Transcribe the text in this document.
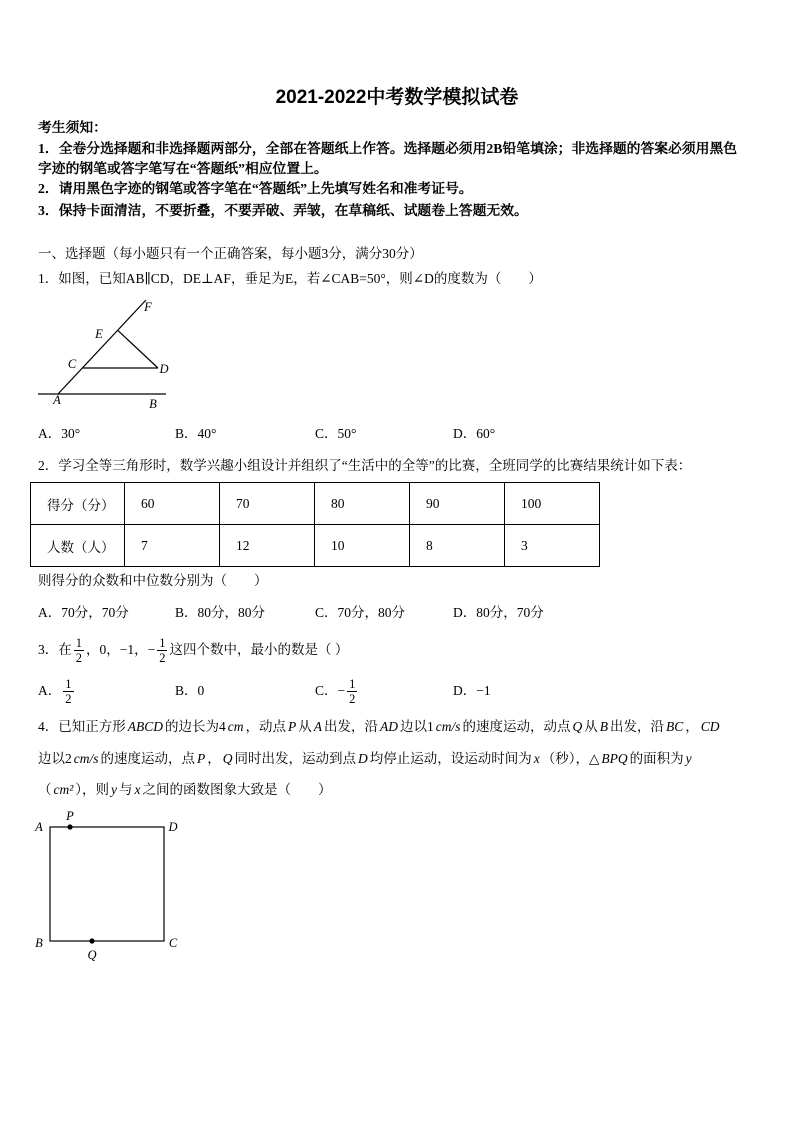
2021-2022中考数学模拟试卷
考生须知：
1．全卷分选择题和非选择题两部分，全部在答题纸上作答。选择题必须用2B铅笔填涂；非选择题的答案必须用黑色
字迹的钢笔或答字笔写在“答题纸”相应位置上。
2．请用黑色字迹的钢笔或答字笔在“答题纸”上先填写姓名和准考证号。
3．保持卡面清洁，不要折叠，不要弄破、弄皱，在草稿纸、试题卷上答题无效。
一、选择题（每小题只有一个正确答案，每小题3分，满分30分）
1．如图，已知AB∥CD，DE⊥AF，垂足为E，若∠CAB=50°，则∠D的度数为（　　）
F
E
C	D
A	B
A．30°	B．40°	C．50°	D．60°
2．学习全等三角形时，数学兴趣小组设计并组织了“生活中的全等”的比赛，全班同学的比赛结果统计如下表：
得分（分）	60	70	80	90	100
人数（人）	7	12	10	8	3
则得分的众数和中位数分别为（　　）
A．70分，70分	B．80分，80分	C．70分，80分	D．80分，70分
3．在 $\frac{1}{2}$ ，0，−1，− $\frac{1}{2}$ 这四个数中，最小的数是（ ）
A． $\frac{1}{2}$	B．0	C．− $\frac{1}{2}$	D．−1
4．已知正方形 ABCD 的边长为4 cm ，动点 P 从 A 出发，沿 AD 边以1 cm/s 的速度运动，动点 Q 从 B 出发，沿 BC ， CD
边以2 cm/s 的速度运动，点 P ， Q 同时出发，运动到点 D 均停止运动，设运动时间为 x （秒），△ BPQ 的面积为 y
（ cm² ），则 y 与 x 之间的函数图象大致是（　　）
A
P
D
B
Q
C
